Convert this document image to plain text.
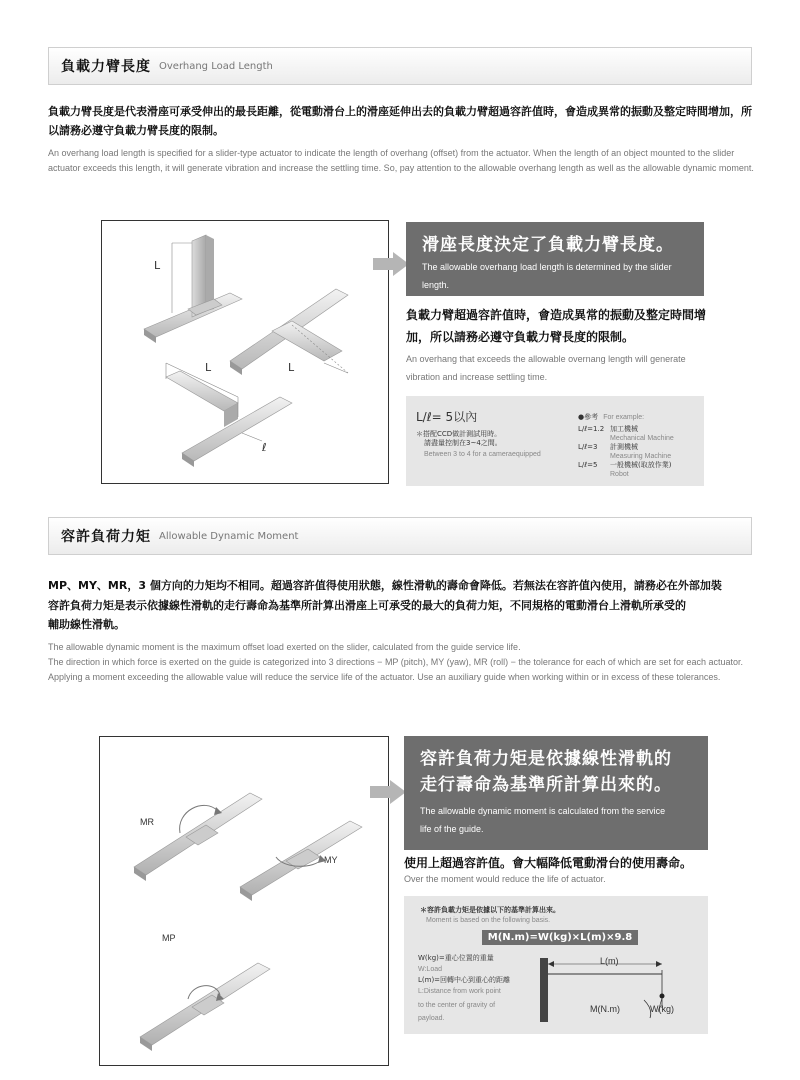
負載力臂長度 Overhang Load Length
負載力臂長度是代表滑座可承受伸出的最長距離，從電動滑台上的滑座延伸出去的負載力臂超過容許值時，會造成異常的振動及整定時間增加，所以請務必遵守負載力臂長度的限制。
An overhang load length is specified for a slider-type actuator to indicate the length of overhang (offset) from the actuator. When the length of an object mounted to the slider actuator exceeds this length, it will generate vibration and increase the settling time. So, pay attention to the allowable overhang length as well as the allowable dynamic moment.
L
L	L
ℓ
滑座長度決定了負載力臂長度。
The allowable overhang load length is determined by the slider length.
負載力臂超過容許值時，會造成異常的振動及整定時間增加，所以請務必遵守負載力臂長度的限制。
An overhang that exceeds the allowable overnang length will generate vibration and increase settling time.
L/ℓ= 5以內
＊搭配CCD做計測試用時。
請盡量控制在3~4之間。
Between 3 to 4 for a cameraequipped
●參考 For example:
L/ℓ=1.2 加工機械
Mechanical Machine
L/ℓ=3	計測機械
Measuring Machine
L/ℓ=5	一般機械(取放作業)
Robot
容許負荷力矩 Allowable Dynamic Moment
MP、MY、MR，3 個方向的力矩均不相同。超過容許值得使用狀態，線性滑軌的壽命會降低。若無法在容許值內使用，請務必在外部加裝
容許負荷力矩是表示依據線性滑軌的走行壽命為基準所計算出滑座上可承受的最大的負荷力矩，不同規格的電動滑台上滑軌所承受的
輔助線性滑軌。
The allowable dynamic moment is the maximum offset load exerted on the slider, calculated from the guide service life.
The direction in which force is exerted on the guide is categorized into 3 directions − MP (pitch), MY (yaw), MR (roll) − the tolerance for each of which are set for each actuator. Applying a moment exceeding the allowable value will reduce the service life of the actuator. Use an auxiliary guide when working within or in excess of these tolerances.
MR
MY
MP
容許負荷力矩是依據線性滑軌的
走行壽命為基準所計算出來的。
The allowable dynamic moment is calculated from the service life of the guide.
使用上超過容許值。會大幅降低電動滑台的使用壽命。
Over the moment would reduce the life of actuator.
＊容許負載力矩是依據以下的基準計算出來。
Moment is based on the following basis.
M(N.m)=W(kg)×L(m)×9.8
W(kg)=重心位置的重量
W:Load
L(m)=回轉中心到重心的距離
L:Distance from work point
to the center of gravity of
payload.
L(m)
M(N.m)	W(kg)
